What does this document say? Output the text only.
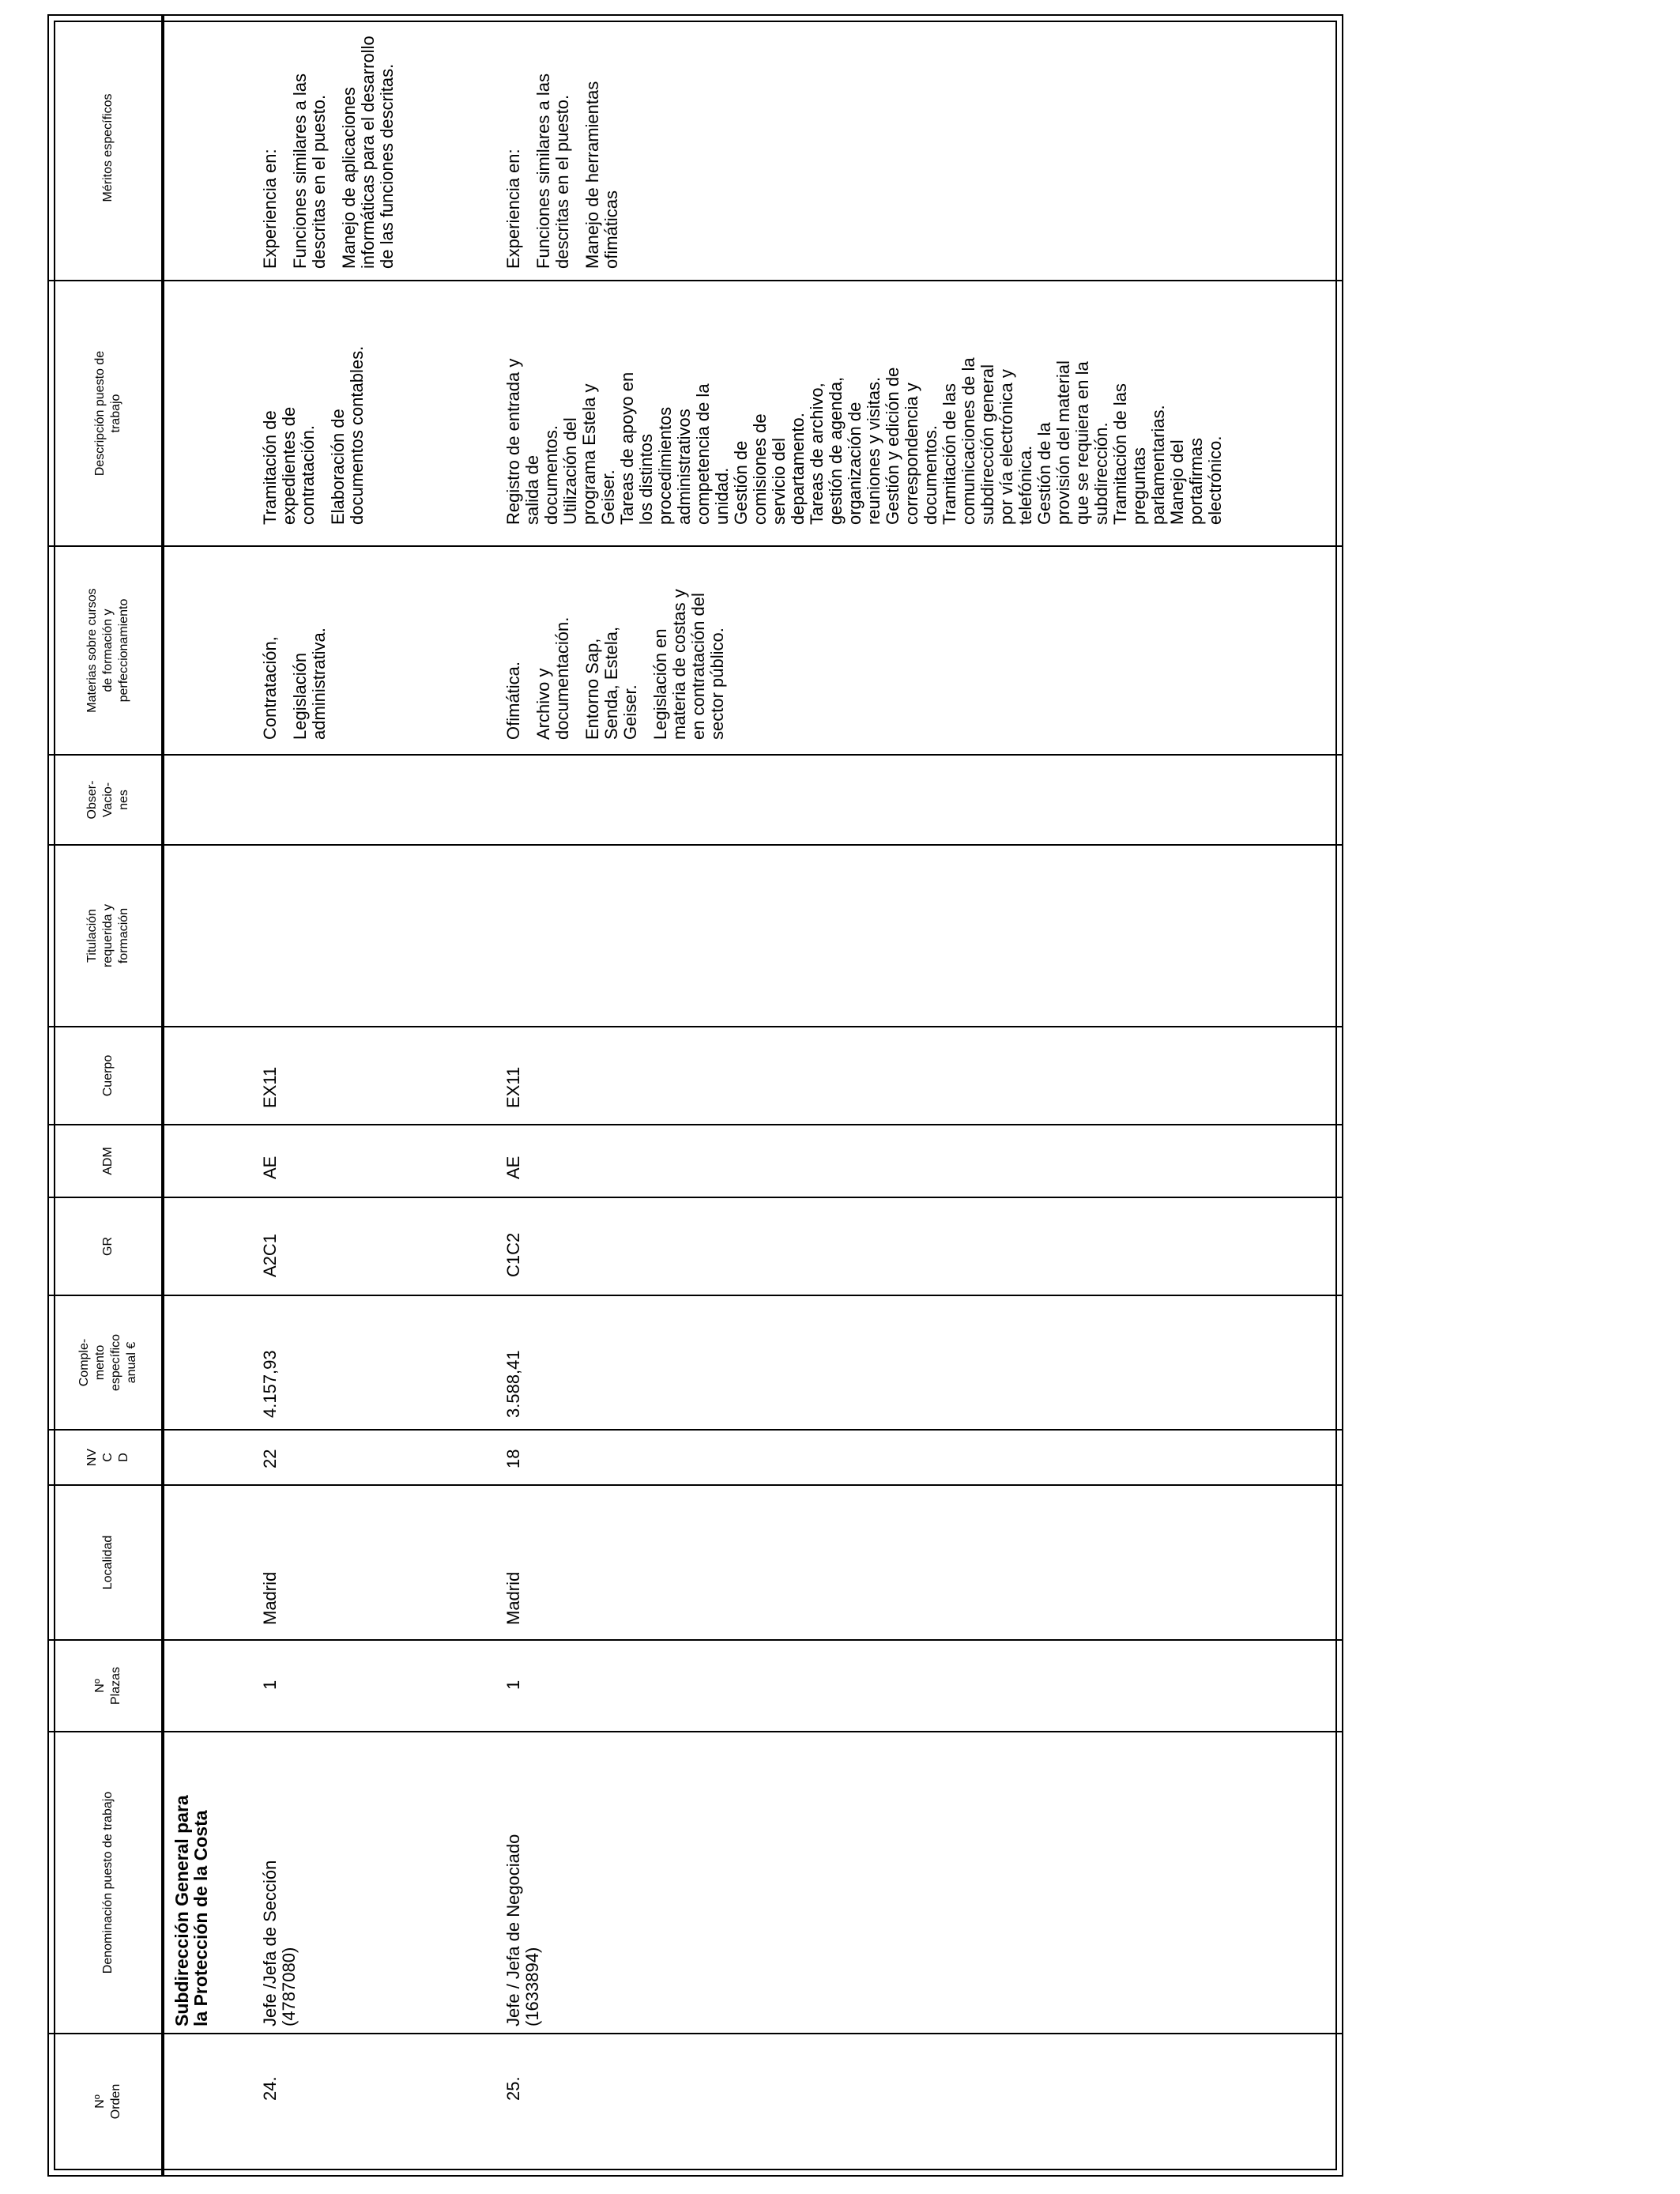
Nº
Orden
Denominación puesto de trabajo
Nº
Plazas
Localidad
NV
C
D
Comple-
mento
específico
anual €
GR
ADM
Cuerpo
Titulación
requerida y
formación
Obser-
Vacio-
nes
Materias sobre cursos
de formación y
perfeccionamiento
Descripción puesto de
trabajo
Méritos específicos
Subdirección General para la Protección de la Costa
24.
Jefe /Jefa de Sección (4787080)
1
Madrid
22
4.157,93
A2C1
AE
EX11

Contratación, Legislación administrativa.

Tramitación de expedientes de contratación. Elaboración de documentos contables.

Experiencia en: Funciones similares a las descritas en el puesto. Manejo de aplicaciones informáticas para el desarrollo de las funciones descritas.

25.
Jefe / Jefa de Negociado (1633894)
1
Madrid
18
3.588,41
C1C2
AE
EX11

Ofimática. Archivo y documentación. Entorno Sap, Senda, Estela, Geiser. Legislación en materia de costas y en contratación del sector público.

Registro de entrada y salida de documentos. Utilización del programa Estela y Geiser. Tareas de apoyo en los distintos procedimientos administrativos competencia de la unidad. Gestión de comisiones de servicio del departamento. Tareas de archivo, gestión de agenda, organización de reuniones y visitas. Gestión y edición de correspondencia y documentos. Tramitación de las comunicaciones de la subdirección general por vía electrónica y telefónica. Gestión de la provisión del material que se requiera en la subdirección. Tramitación de las preguntas parlamentarias. Manejo del portafirmas electrónico.

Experiencia en: Funciones similares a las descritas en el puesto. Manejo de herramientas ofimáticas
